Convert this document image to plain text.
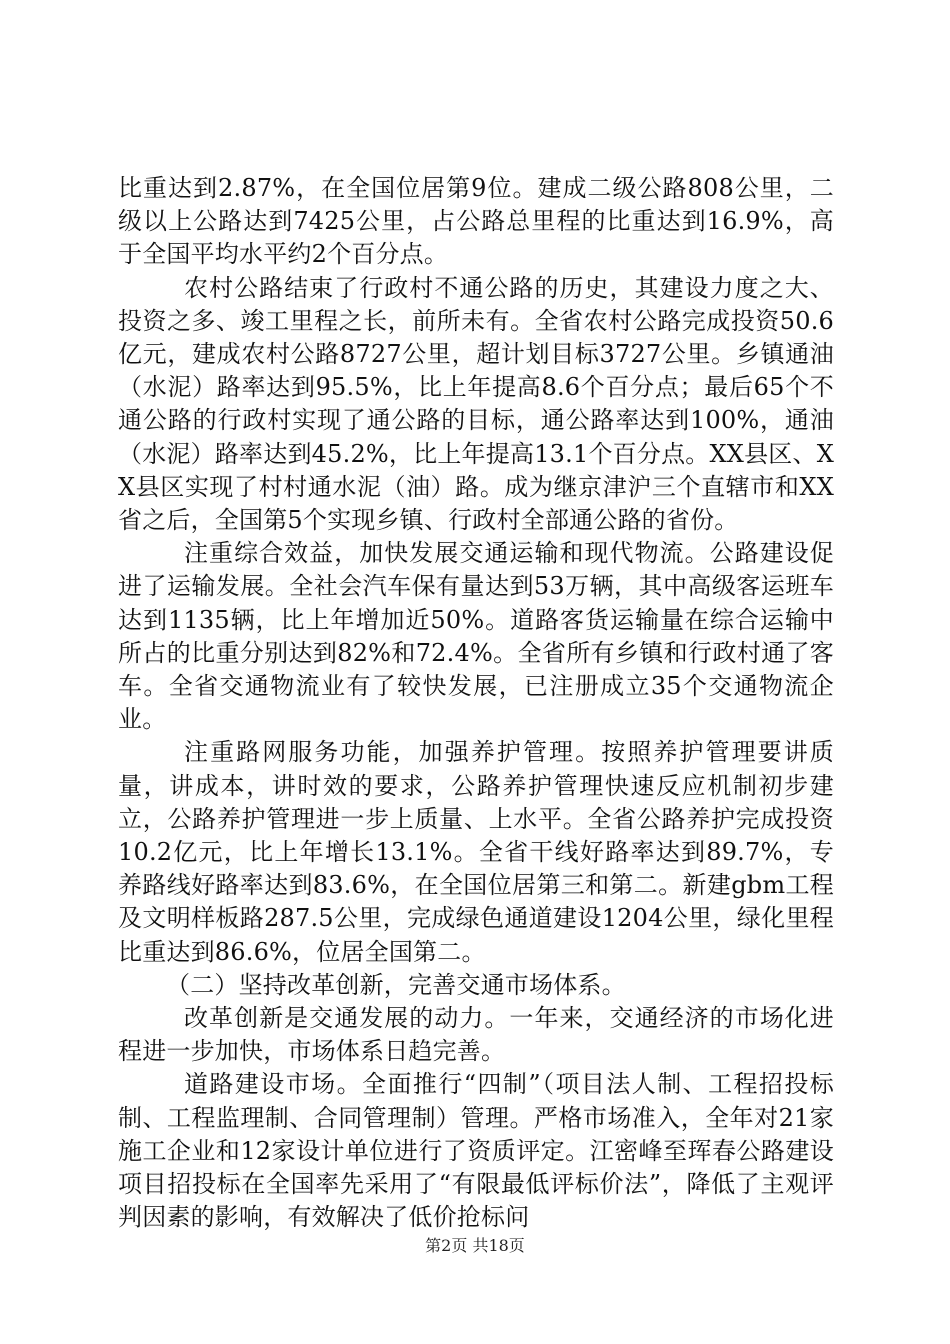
比重达到2.87%，在全国位居第9位。建成二级公路808公里，二级以上公路达到7425公里，占公路总里程的比重达到16.9%，高于全国平均水平约2个百分点。

农村公路结束了行政村不通公路的历史，其建设力度之大、投资之多、竣工里程之长，前所未有。全省农村公路完成投资50.6亿元，建成农村公路8727公里，超计划目标3727公里。乡镇通油（水泥）路率达到95.5%，比上年提高8.6个百分点；最后65个不通公路的行政村实现了通公路的目标，通公路率达到100%，通油（水泥）路率达到45.2%，比上年提高13.1个百分点。XX县区、XX县区实现了村村通水泥（油）路。成为继京津沪三个直辖市和XX省之后，全国第5个实现乡镇、行政村全部通公路的省份。

注重综合效益，加快发展交通运输和现代物流。公路建设促进了运输发展。全社会汽车保有量达到53万辆，其中高级客运班车达到1135辆，比上年增加近50%。道路客货运输量在综合运输中所占的比重分别达到82%和72.4%。全省所有乡镇和行政村通了客车。全省交通物流业有了较快发展，已注册成立35个交通物流企业。

注重路网服务功能，加强养护管理。按照养护管理要讲质量，讲成本，讲时效的要求，公路养护管理快速反应机制初步建立，公路养护管理进一步上质量、上水平。全省公路养护完成投资10.2亿元，比上年增长13.1%。全省干线好路率达到89.7%，专养路线好路率达到83.6%，在全国位居第三和第二。新建gbm工程及文明样板路287.5公里，完成绿色通道建设1204公里，绿化里程比重达到86.6%，位居全国第二。

（二）坚持改革创新，完善交通市场体系。

改革创新是交通发展的动力。一年来，交通经济的市场化进程进一步加快，市场体系日趋完善。

道路建设市场。全面推行“四制”（项目法人制、工程招投标制、工程监理制、合同管理制）管理。严格市场准入，全年对21家施工企业和12家设计单位进行了资质评定。江密峰至珲春公路建设项目招投标在全国率先采用了“有限最低评标价法”，降低了主观评判因素的影响，有效解决了低价抢标问

第2页 共18页
